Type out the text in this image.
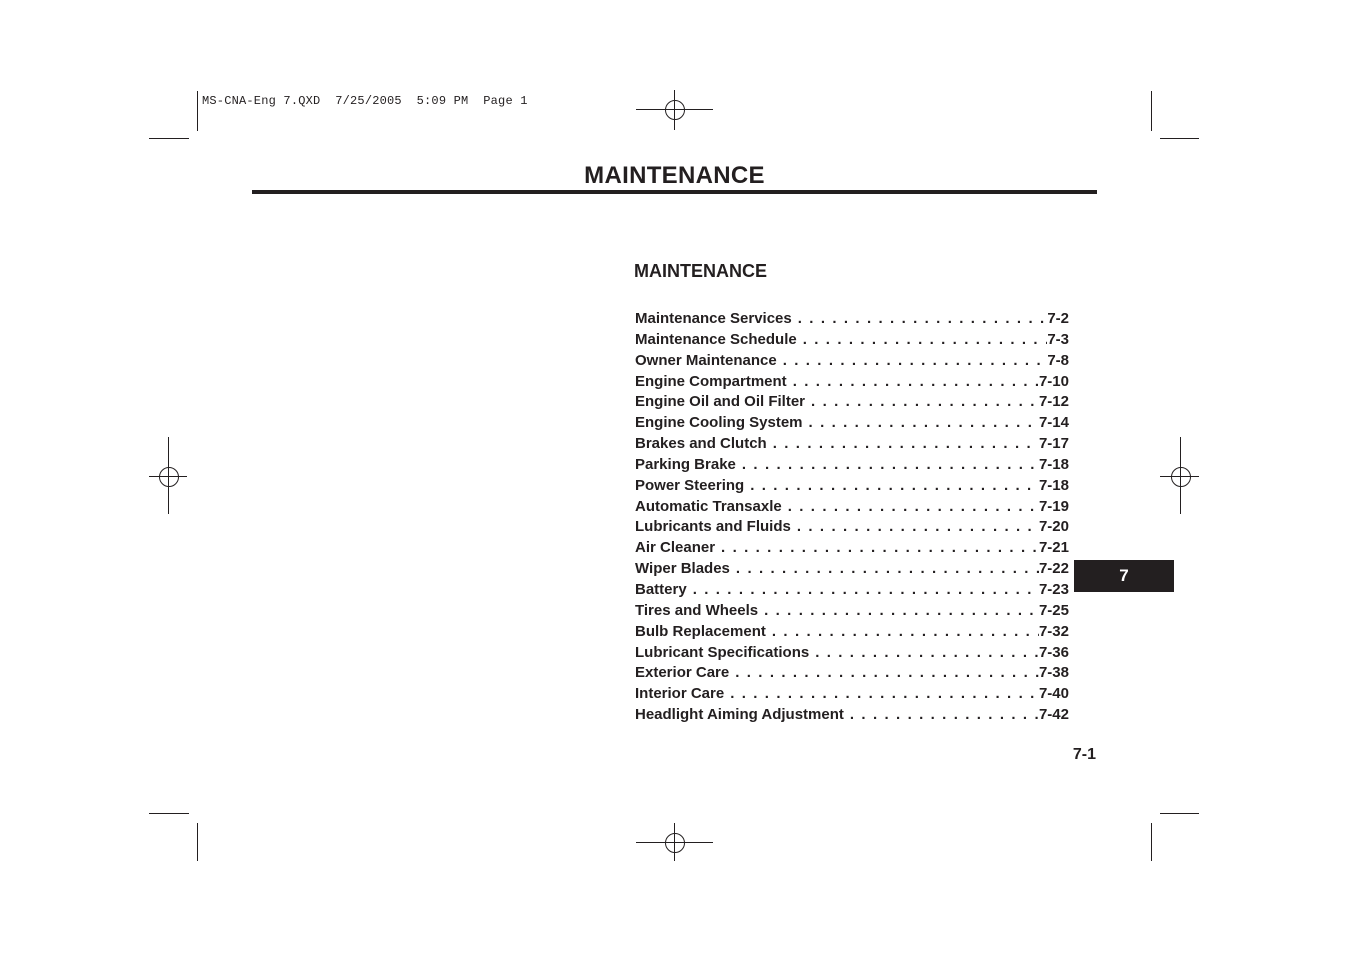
MS-CNA-Eng 7.QXD  7/25/2005  5:09 PM  Page 1
MAINTENANCE
MAINTENANCE
Maintenance Services . . .	7-2
Maintenance Schedule . . .	7-3
Owner Maintenance . . .	7-8
Engine Compartment . . .	7-10
Engine Oil and Oil Filter . . .	7-12
Engine Cooling System . . .	7-14
Brakes and Clutch . . .	7-17
Parking Brake . . .	7-18
Power Steering . . .	7-18
Automatic Transaxle . . .	7-19
Lubricants and Fluids . . .	7-20
Air Cleaner . . .	7-21
Wiper Blades . . .	7-22
Battery . . .	7-23
Tires and Wheels . . .	7-25
Bulb Replacement . . .	7-32
Lubricant Specifications . . .	7-36
Exterior Care . . .	7-38
Interior Care . . .	7-40
Headlight Aiming Adjustment . . .	7-42
7
7-1
